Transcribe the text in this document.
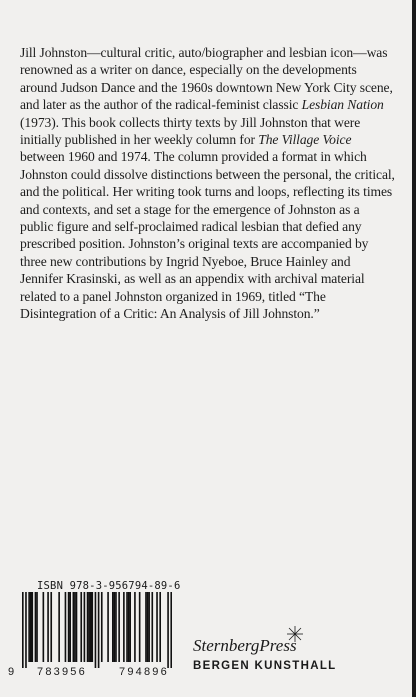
Jill Johnston—cultural critic, auto/biographer and lesbian icon—was renowned as a writer on dance, especially on the developments around Judson Dance and the 1960s downtown New York City scene, and later as the author of the radical-feminist classic Lesbian Nation (1973). This book collects thirty texts by Jill Johnston that were initially published in her weekly column for The Village Voice between 1960 and 1974. The column provided a format in which Johnston could dissolve distinctions between the personal, the critical, and the political. Her writing took turns and loops, reflecting its times and contexts, and set a stage for the emergence of Johnston as a public figure and self-proclaimed radical lesbian that defied any prescribed position. Johnston’s original texts are accompanied by three new contributions by Ingrid Nyeboe, Bruce Hainley and Jennifer Krasinski, as well as an appendix with archival material related to a panel Johnston organized in 1969, titled “The Disintegration of a Critic: An Analysis of Jill Johnston.”

ISBN 978-3-956794-89-6
9 783956	794896
SternbergPress
BERGEN KUNSTHALL
